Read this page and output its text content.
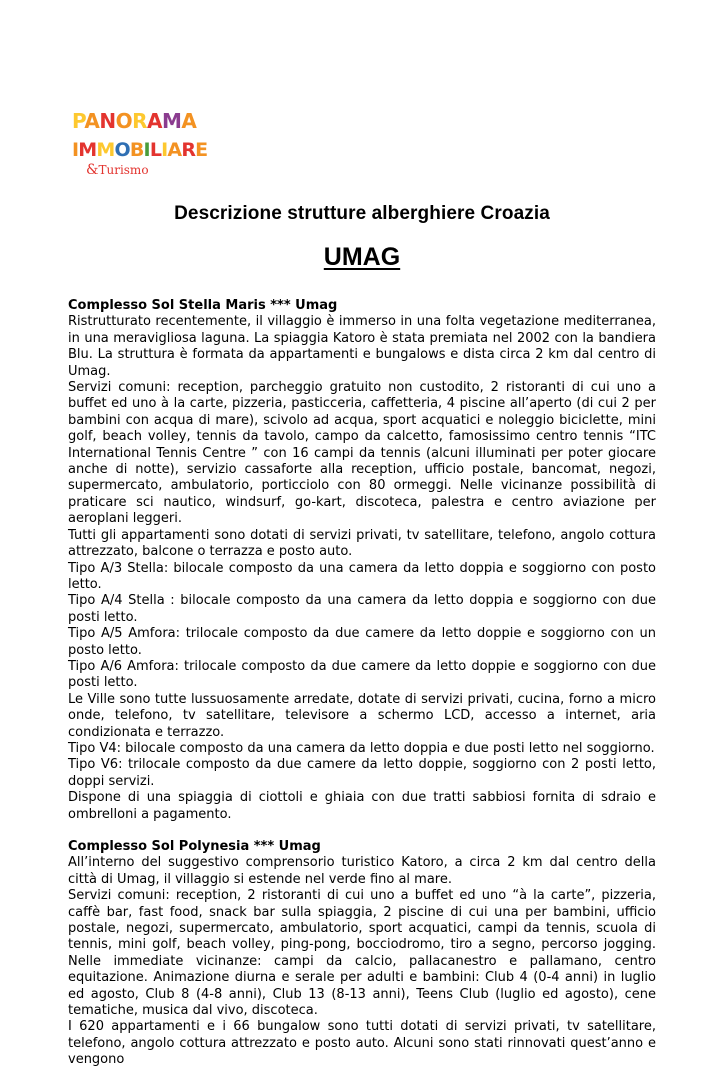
PANORAMA
IMMOBILIARE
&Turismo
Descrizione strutture alberghiere Croazia
UMAG

Complesso Sol Stella Maris *** Umag

Ristrutturato recentemente, il villaggio è immerso in una folta vegetazione mediterranea, in una meravigliosa laguna. La spiaggia Katoro è stata premiata nel 2002 con la bandiera Blu. La struttura è formata da appartamenti e bungalows e dista circa 2 km dal centro di Umag.

Servizi comuni: reception, parcheggio gratuito non custodito, 2 ristoranti di cui uno a buffet ed uno à la carte, pizzeria, pasticceria, caffetteria, 4 piscine all’aperto (di cui 2 per bambini con acqua di mare), scivolo ad acqua, sport acquatici e noleggio biciclette, mini golf, beach volley, tennis da tavolo, campo da calcetto, famosissimo centro tennis “ITC International Tennis Centre ” con 16 campi da tennis (alcuni illuminati per poter giocare anche di notte), servizio cassaforte alla reception, ufficio postale, bancomat, negozi, supermercato, ambulatorio, porticciolo con 80 ormeggi. Nelle vicinanze possibilità di praticare sci nautico, windsurf, go-kart, discoteca, palestra e centro aviazione per aeroplani leggeri.

Tutti gli appartamenti sono dotati di servizi privati, tv satellitare, telefono, angolo cottura attrezzato, balcone o terrazza e posto auto.

Tipo A/3 Stella: bilocale composto da una camera da letto doppia e soggiorno con posto letto.

Tipo A/4 Stella : bilocale composto da una camera da letto doppia e soggiorno con due posti letto.

Tipo A/5 Amfora: trilocale composto da due camere da letto doppie e soggiorno con un posto letto.

Tipo A/6 Amfora: trilocale composto da due camere da letto doppie e soggiorno con due posti letto.

Le Ville sono tutte lussuosamente arredate, dotate di servizi privati, cucina, forno a micro onde, telefono, tv satellitare, televisore a schermo LCD, accesso a internet, aria condizionata e terrazzo.

Tipo V4: bilocale composto da una camera da letto doppia e due posti letto nel soggiorno.

Tipo V6: trilocale composto da due camere da letto doppie, soggiorno con 2 posti letto, doppi servizi.

Dispone di una spiaggia di ciottoli e ghiaia con due tratti sabbiosi fornita di sdraio e ombrelloni a pagamento.

Complesso Sol Polynesia *** Umag

All’interno del suggestivo comprensorio turistico Katoro, a circa 2 km dal centro della città di Umag, il villaggio si estende nel verde fino al mare.

Servizi comuni: reception, 2 ristoranti di cui uno a buffet ed uno “à la carte”, pizzeria, caffè bar, fast food, snack bar sulla spiaggia, 2 piscine di cui una per bambini, ufficio postale, negozi, supermercato, ambulatorio, sport acquatici, campi da tennis, scuola di tennis, mini golf, beach volley, ping-pong, bocciodromo, tiro a segno, percorso jogging. Nelle immediate vicinanze: campi da calcio, pallacanestro e pallamano, centro equitazione. Animazione diurna e serale per adulti e bambini: Club 4 (0-4 anni) in luglio ed agosto, Club 8 (4-8 anni), Club 13 (8-13 anni), Teens Club (luglio ed agosto), cene tematiche, musica dal vivo, discoteca.

I 620 appartamenti e i 66 bungalow sono tutti dotati di servizi privati, tv satellitare, telefono, angolo cottura attrezzato e posto auto. Alcuni sono stati rinnovati quest’anno e vengono
